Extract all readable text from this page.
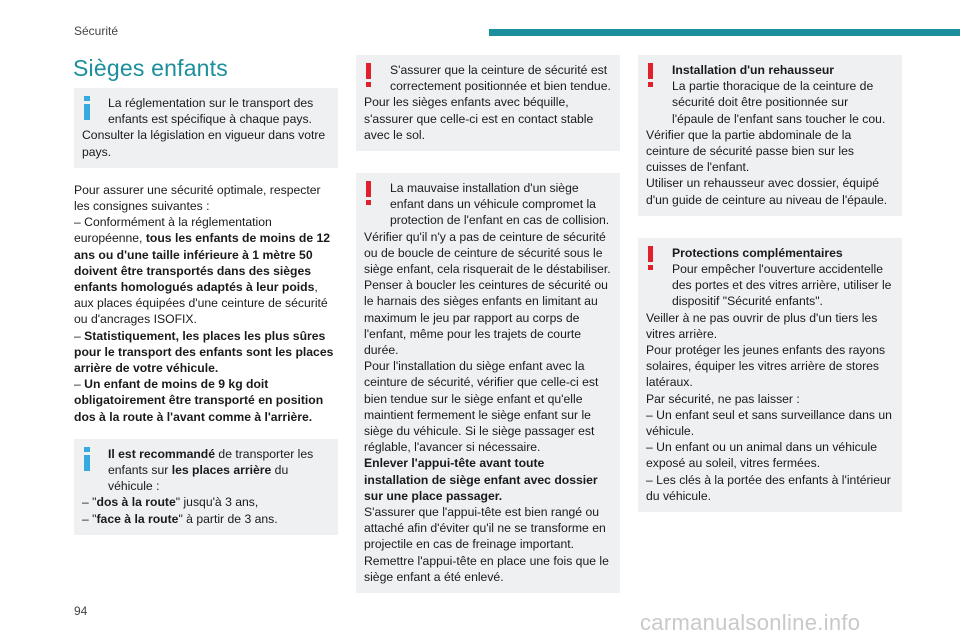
Sécurité
Sièges enfants
La réglementation sur le transport des enfants est spécifique à chaque pays.
Consulter la législation en vigueur dans votre pays.
Pour assurer une sécurité optimale, respecter les consignes suivantes :
– Conformément à la réglementation européenne, tous les enfants de moins de 12 ans ou d'une taille inférieure à 1 mètre 50 doivent être transportés dans des sièges enfants homologués adaptés à leur poids, aux places équipées d'une ceinture de sécurité ou d'ancrages ISOFIX.
– Statistiquement, les places les plus sûres pour le transport des enfants sont les places arrière de votre véhicule.
– Un enfant de moins de 9 kg doit obligatoirement être transporté en position dos à la route à l'avant comme à l'arrière.
Il est recommandé de transporter les enfants sur les places arrière du véhicule :
– "dos à la route" jusqu'à 3 ans,
– "face à la route" à partir de 3 ans.
S'assurer que la ceinture de sécurité est correctement positionnée et bien tendue.
Pour les sièges enfants avec béquille, s'assurer que celle-ci est en contact stable avec le sol.
La mauvaise installation d'un siège enfant dans un véhicule compromet la protection de l'enfant en cas de collision.
Vérifier qu'il n'y a pas de ceinture de sécurité ou de boucle de ceinture de sécurité sous le siège enfant, cela risquerait de le déstabiliser.
Penser à boucler les ceintures de sécurité ou le harnais des sièges enfants en limitant au maximum le jeu par rapport au corps de l'enfant, même pour les trajets de courte durée.
Pour l'installation du siège enfant avec la ceinture de sécurité, vérifier que celle-ci est bien tendue sur le siège enfant et qu'elle maintient fermement le siège enfant sur le siège du véhicule. Si le siège passager est réglable, l'avancer si nécessaire.
Enlever l'appui-tête avant toute installation de siège enfant avec dossier sur une place passager.
S'assurer que l'appui-tête est bien rangé ou attaché afin d'éviter qu'il ne se transforme en projectile en cas de freinage important. Remettre l'appui-tête en place une fois que le siège enfant a été enlevé.
Installation d'un rehausseur
La partie thoracique de la ceinture de sécurité doit être positionnée sur l'épaule de l'enfant sans toucher le cou.
Vérifier que la partie abdominale de la ceinture de sécurité passe bien sur les cuisses de l'enfant.
Utiliser un rehausseur avec dossier, équipé d'un guide de ceinture au niveau de l'épaule.
Protections complémentaires
Pour empêcher l'ouverture accidentelle des portes et des vitres arrière, utiliser le dispositif "Sécurité enfants".
Veiller à ne pas ouvrir de plus d'un tiers les vitres arrière.
Pour protéger les jeunes enfants des rayons solaires, équiper les vitres arrière de stores latéraux.
Par sécurité, ne pas laisser :
– Un enfant seul et sans surveillance dans un véhicule.
– Un enfant ou un animal dans un véhicule exposé au soleil, vitres fermées.
– Les clés à la portée des enfants à l'intérieur du véhicule.
94	carmanualsonline.info
